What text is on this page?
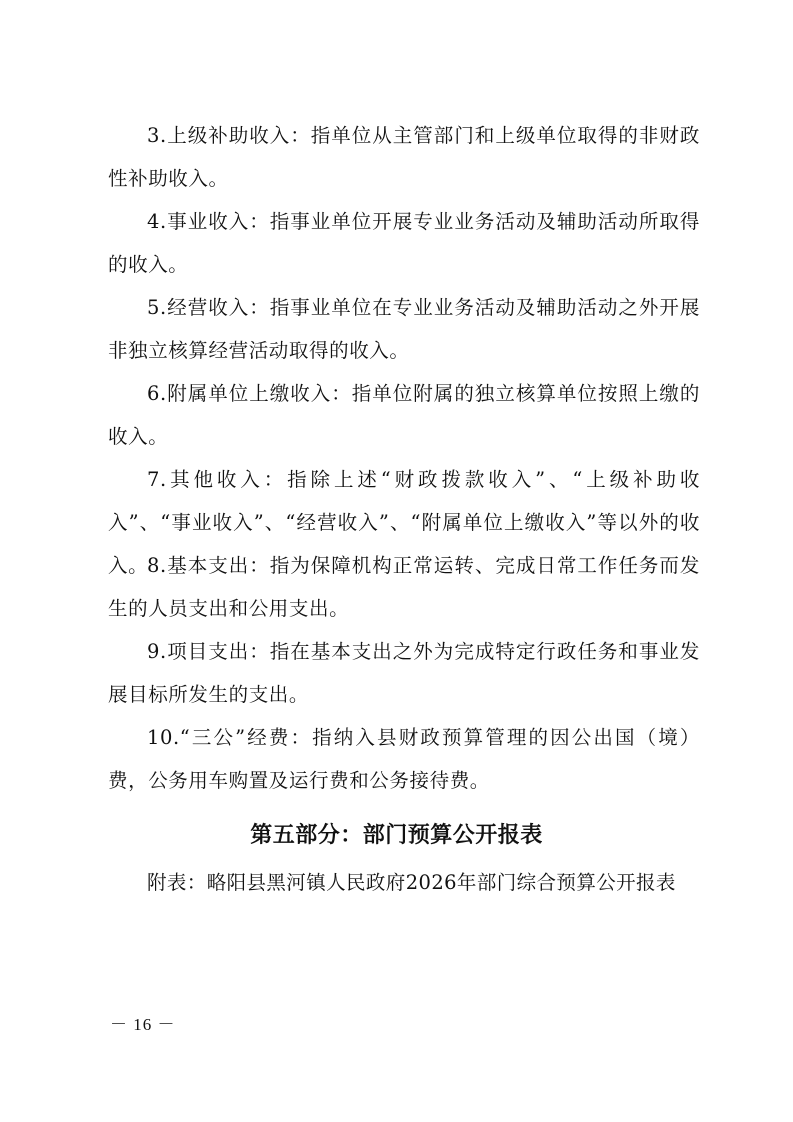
3.上级补助收入：指单位从主管部门和上级单位取得的非财政性补助收入。

4.事业收入：指事业单位开展专业业务活动及辅助活动所取得的收入。

5.经营收入：指事业单位在专业业务活动及辅助活动之外开展非独立核算经营活动取得的收入。

6.附属单位上缴收入：指单位附属的独立核算单位按照上缴的收入。

7.其他收入：指除上述“财政拨款收入”、“上级补助收入”、“事业收入”、“经营收入”、“附属单位上缴收入”等以外的收入。

8.基本支出：指为保障机构正常运转、完成日常工作任务而发生的人员支出和公用支出。

9.项目支出：指在基本支出之外为完成特定行政任务和事业发展目标所发生的支出。

10.“三公”经费：指纳入县财政预算管理的因公出国（境）费，公务用车购置及运行费和公务接待费。

第五部分：部门预算公开报表

附表：略阳县黑河镇人民政府2026年部门综合预算公开报表

－ 16 －
